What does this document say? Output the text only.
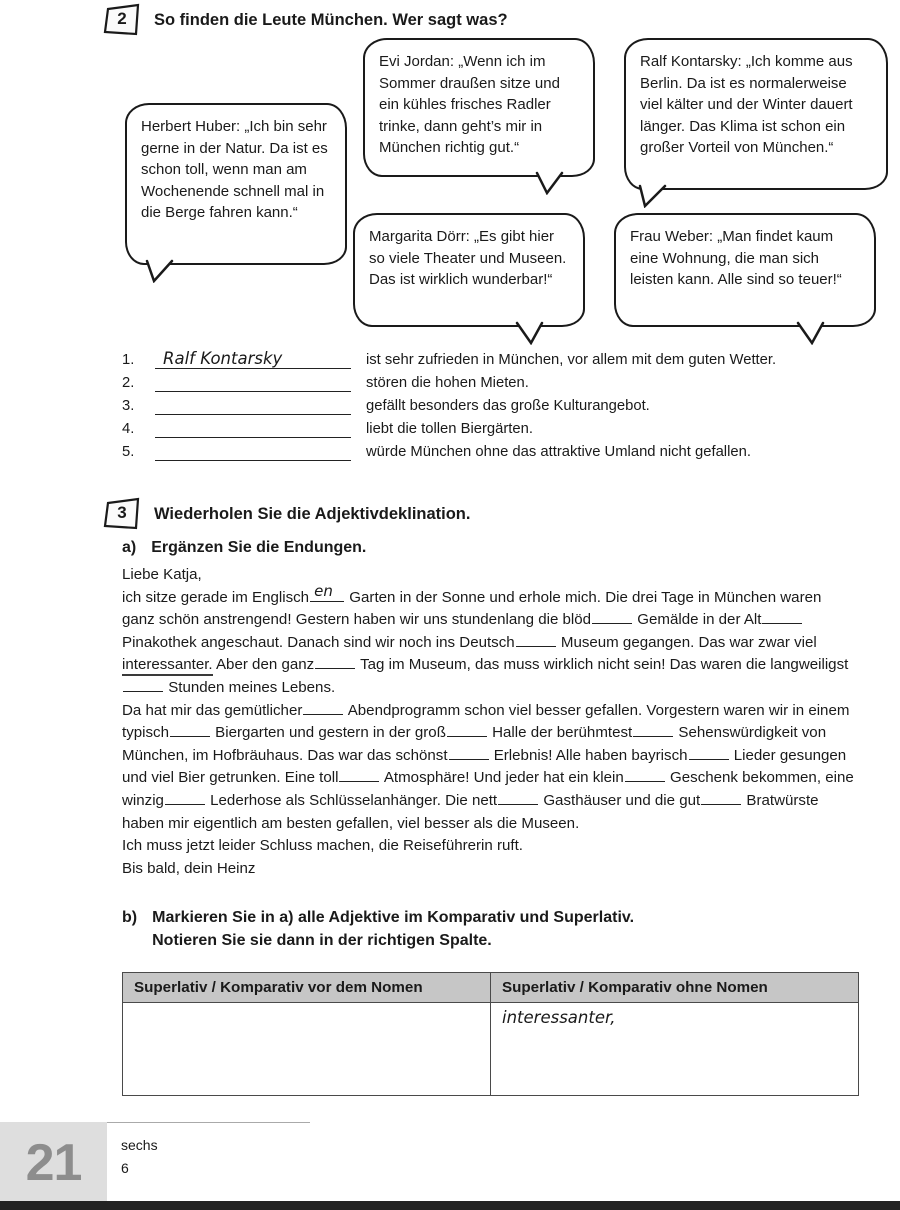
2	So finden die Leute München. Wer sagt was?
Herbert Huber: „Ich bin sehr gerne in der Natur. Da ist es schon toll, wenn man am Wochenende schnell mal in die Berge fahren kann.“
Evi Jordan: „Wenn ich im Sommer draußen sitze und ein kühles frisches Radler trinke, dann geht’s mir in München richtig gut.“
Ralf Kontarsky: „Ich komme aus Berlin. Da ist es normalerweise viel kälter und der Winter dauert länger. Das Klima ist schon ein großer Vorteil von München.“
Margarita Dörr: „Es gibt hier so viele Theater und Museen. Das ist wirklich wunderbar!“
Frau Weber: „Man findet kaum eine Wohnung, die man sich leisten kann. Alle sind so teuer!“
1.	Ralf Kontarsky	ist sehr zufrieden in München, vor allem mit dem guten Wetter.
2.	stören die hohen Mieten.
3.	gefällt besonders das große Kulturangebot.
4.	liebt die tollen Biergärten.
5.	würde München ohne das attraktive Umland nicht gefallen.
3	Wiederholen Sie die Adjektivdeklination.
a) Ergänzen Sie die Endungen.

Liebe Katja,
ich sitze gerade im Englisch en Garten in der Sonne und erhole mich. Die drei Tage in München waren ganz schön anstrengend! Gestern haben wir uns stundenlang die blöd	Gemälde in der Alt Pinakothek angeschaut. Danach sind wir noch ins Deutsch	Museum gegangen. Das war zwar viel interessanter. Aber den ganz	Tag im Museum, das muss wirklich nicht sein! Das waren die langweiligst Stunden meines Lebens.
Da hat mir das gemütlicher	Abendprogramm schon viel besser gefallen. Vorgestern waren wir in einem typisch	Biergarten und gestern in der groß	Halle der berühmtest	Sehenswürdigkeit von München, im Hofbräuhaus. Das war das schönst	Erlebnis! Alle haben bayrisch	Lieder gesungen und viel Bier getrunken. Eine toll	Atmosphäre! Und jeder hat ein klein	Geschenk bekommen, eine winzig	Lederhose als Schlüsselanhänger. Die nett	Gasthäuser und die gut	Bratwürste haben mir eigentlich am besten gefallen, viel besser als die Museen.
Ich muss jetzt leider Schluss machen, die Reiseführerin ruft.
Bis bald, dein Heinz

b) Markieren Sie in a) alle Adjektive im Komparativ und Superlativ.
Notieren Sie sie dann in der richtigen Spalte.
Superlativ / Komparativ vor dem Nomen	Superlativ / Komparativ ohne Nomen
	interessanter,
21	sechs
6
